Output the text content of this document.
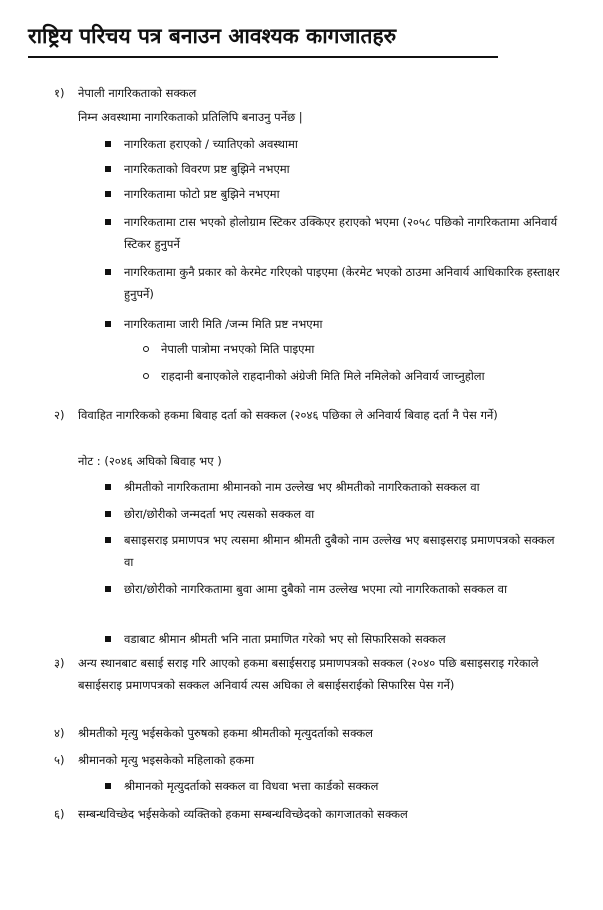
राष्ट्रिय परिचय पत्र बनाउन आवश्यक कागजातहरु
१) नेपाली नागरिकताको सक्कल
निम्न अवस्थामा नागरिकताको प्रतिलिपि बनाउनु पर्नेछ |
नागरिकता हराएको / च्यातिएको अवस्थामा
नागरिकताको विवरण प्रष्ट बुझिने नभएमा
नागरिकतामा फोटो प्रष्ट बुझिने नभएमा
नागरिकतामा टास भएको होलोग्राम स्टिकर उक्किएर हराएको भएमा (२०५८ पछिको नागरिकतामा अनिवार्य स्टिकर हुनुपर्ने
नागरिकतामा कुनै प्रकार को केरमेट गरिएको पाइएमा (केरमेट भएको ठाउमा अनिवार्य आधिकारिक हस्ताक्षर हुनुपर्ने)
नागरिकतामा जारी मिति /जन्म मिति प्रष्ट नभएमा
नेपाली पात्रोमा नभएको मिति पाइएमा
राहदानी बनाएकोले राहदानीको अंग्रेजी मिति मिले नमिलेको अनिवार्य जाच्नुहोला
२) विवाहित नागरिकको हकमा बिवाह दर्ता को सक्कल (२०४६ पछिका ले अनिवार्य बिवाह दर्ता नै पेस गर्ने)
नोट : (२०४६ अघिको बिवाह भए )
श्रीमतीको नागरिकतामा श्रीमानको नाम उल्लेख भए श्रीमतीको नागरिकताको सक्कल वा
छोरा/छोरीको जन्मदर्ता भए त्यसको सक्कल वा
बसाइसराइ प्रमाणपत्र भए त्यसमा श्रीमान श्रीमती दुबैको नाम उल्लेख भए बसाइसराइ प्रमाणपत्रको सक्कल वा
छोरा/छोरीको नागरिकतामा बुवा आमा दुबैको नाम उल्लेख भएमा त्यो नागरिकताको सक्कल वा
वडाबाट श्रीमान श्रीमती भनि नाता प्रमाणित गरेको भए सो सिफारिसको सक्कल
३) अन्य स्थानबाट बसाई सराइ गरि आएको हकमा बसाईसराइ प्रमाणपत्रको सक्कल (२०४० पछि बसाइसराइ गरेकाले बसाईसराइ प्रमाणपत्रको सक्कल अनिवार्य त्यस अघिका ले बसाईसराईको सिफारिस पेस गर्ने)
४) श्रीमतीको मृत्यु भईसकेको पुरुषको हकमा श्रीमतीको मृत्युदर्ताको सक्कल
५) श्रीमानको मृत्यु भइसकेको महिलाको हकमा
श्रीमानको मृत्युदर्ताको सक्कल वा विधवा भत्ता कार्डको सक्कल
६) सम्बन्धविच्छेद भईसकेको व्यक्तिको हकमा सम्बन्धविच्छेदको कागजातको सक्कल
